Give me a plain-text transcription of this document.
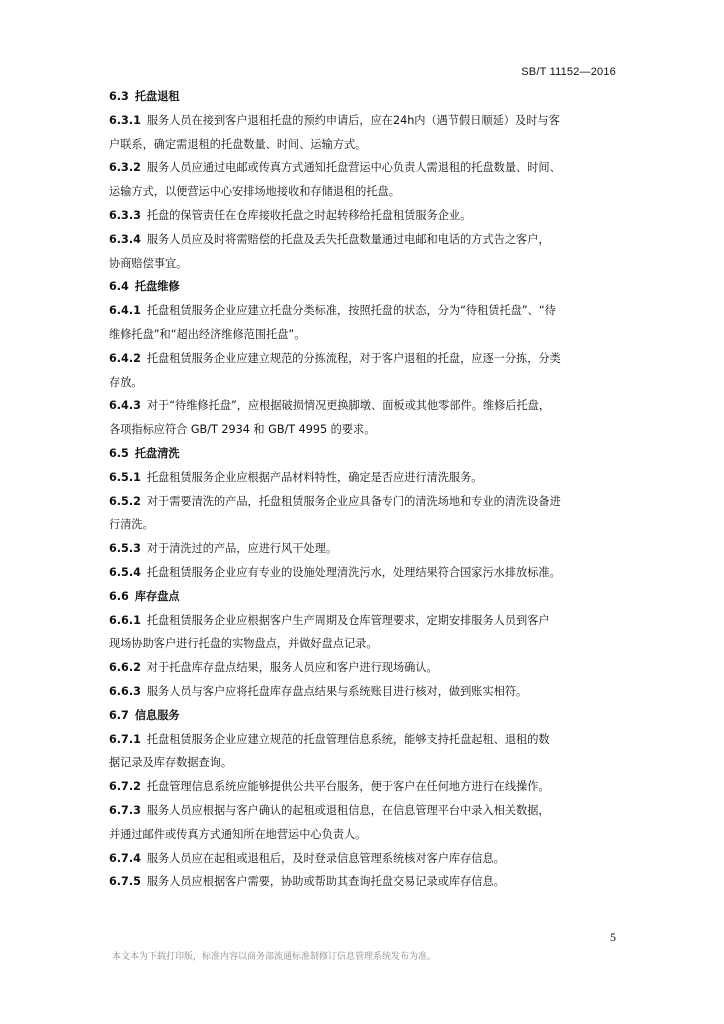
SB/T 11152—2016
6.3 托盘退租
6.3.1 服务人员在接到客户退租托盘的预约申请后，应在24h内（遇节假日顺延）及时与客
户联系，确定需退租的托盘数量、时间、运输方式。
6.3.2 服务人员应通过电邮或传真方式通知托盘营运中心负责人需退租的托盘数量、时间、
运输方式，以便营运中心安排场地接收和存储退租的托盘。
6.3.3 托盘的保管责任在仓库接收托盘之时起转移给托盘租赁服务企业。
6.3.4 服务人员应及时将需赔偿的托盘及丢失托盘数量通过电邮和电话的方式告之客户，
协商赔偿事宜。
6.4 托盘维修
6.4.1 托盘租赁服务企业应建立托盘分类标准，按照托盘的状态，分为“待租赁托盘”、“待
维修托盘”和“超出经济维修范围托盘”。
6.4.2 托盘租赁服务企业应建立规范的分拣流程，对于客户退租的托盘，应逐一分拣，分类
存放。
6.4.3 对于“待维修托盘”，应根据破损情况更换脚墩、面板或其他零部件。维修后托盘，
各项指标应符合 GB/T 2934 和 GB/T 4995 的要求。
6.5 托盘清洗
6.5.1 托盘租赁服务企业应根据产品材料特性，确定是否应进行清洗服务。
6.5.2 对于需要清洗的产品，托盘租赁服务企业应具备专门的清洗场地和专业的清洗设备进
行清洗。
6.5.3 对于清洗过的产品，应进行风干处理。
6.5.4 托盘租赁服务企业应有专业的设施处理清洗污水，处理结果符合国家污水排放标准。
6.6 库存盘点
6.6.1 托盘租赁服务企业应根据客户生产周期及仓库管理要求，定期安排服务人员到客户
现场协助客户进行托盘的实物盘点，并做好盘点记录。
6.6.2 对于托盘库存盘点结果，服务人员应和客户进行现场确认。
6.6.3 服务人员与客户应将托盘库存盘点结果与系统账目进行核对，做到账实相符。
6.7 信息服务
6.7.1 托盘租赁服务企业应建立规范的托盘管理信息系统，能够支持托盘起租、退租的数
据记录及库存数据查询。
6.7.2 托盘管理信息系统应能够提供公共平台服务，便于客户在任何地方进行在线操作。
6.7.3 服务人员应根据与客户确认的起租或退租信息，在信息管理平台中录入相关数据，
并通过邮件或传真方式通知所在地营运中心负责人。
6.7.4 服务人员应在起租或退租后，及时登录信息管理系统核对客户库存信息。
6.7.5 服务人员应根据客户需要，协助或帮助其查询托盘交易记录或库存信息。
5
本文本为下载打印版，标准内容以商务部流通标准制修订信息管理系统发布为准。
